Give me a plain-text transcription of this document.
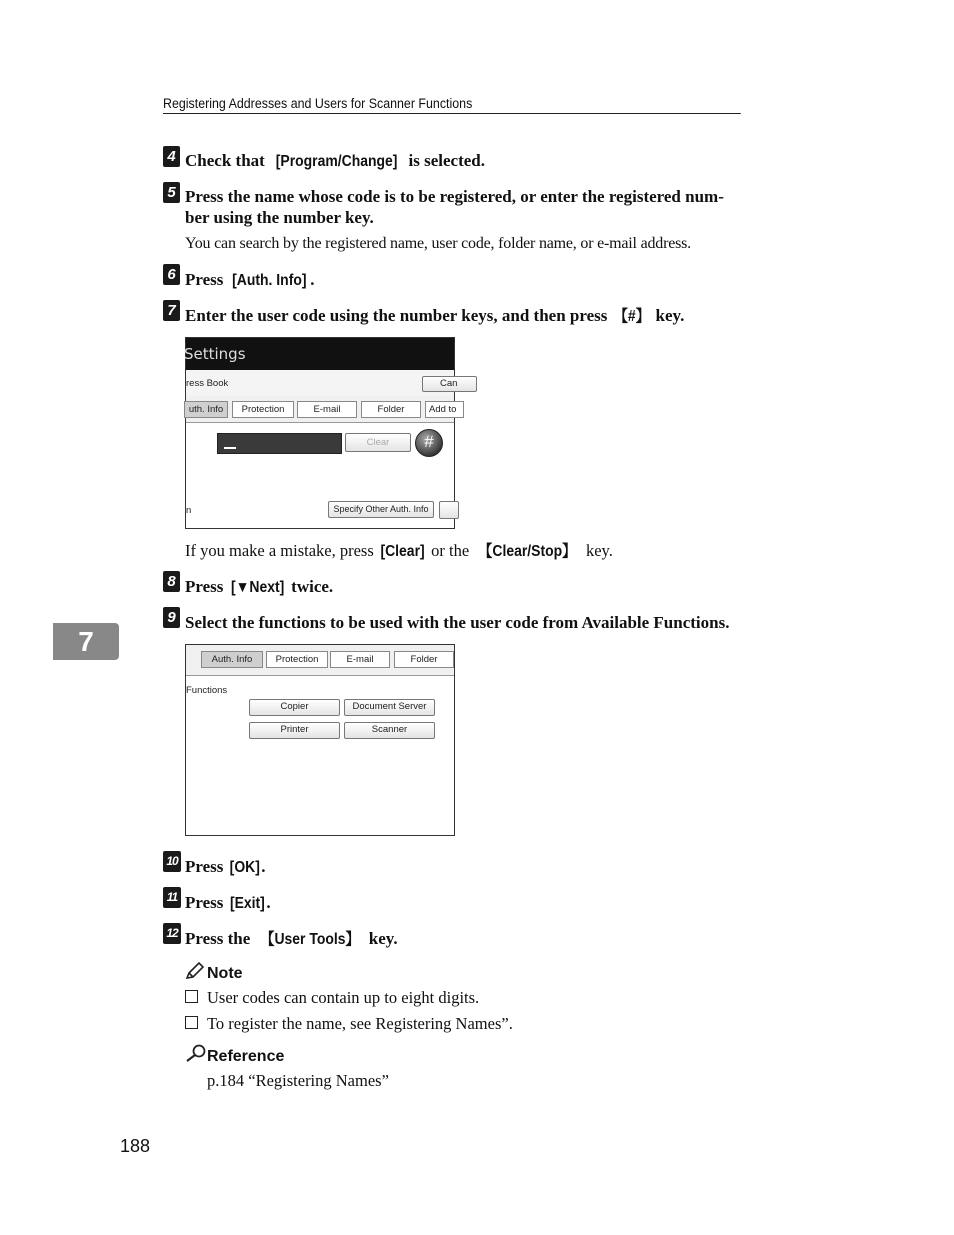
Registering Addresses and Users for Scanner Functions
4 Check that [Program/Change] is selected.
5 Press the name whose code is to be registered, or enter the registered num-
ber using the number key.
You can search by the registered name, user code, folder name, or e-mail address.
6 Press [Auth. Info] .
7 Enter the user code using the number keys, and then press 【#】 key.
Settings
ress Book	Can
uth. Info	Protection	E-mail	Folder	Add to
Clear	#
n	Specify Other Auth. Info
If you make a mistake, press [Clear] or the 【Clear/Stop】 key.
8 Press [▼Next] twice.
7
9 Select the functions to be used with the user code from Available Functions.
Auth. Info	Protection	E-mail	Folder
Functions
Copier	Document Server
Printer	Scanner
10 Press [OK].
11 Press [Exit] .
12 Press the 【User Tools】 key.
Note
User codes can contain up to eight digits.
To register the name, see Registering Names”.
Reference
p.184 “Registering Names”
188
